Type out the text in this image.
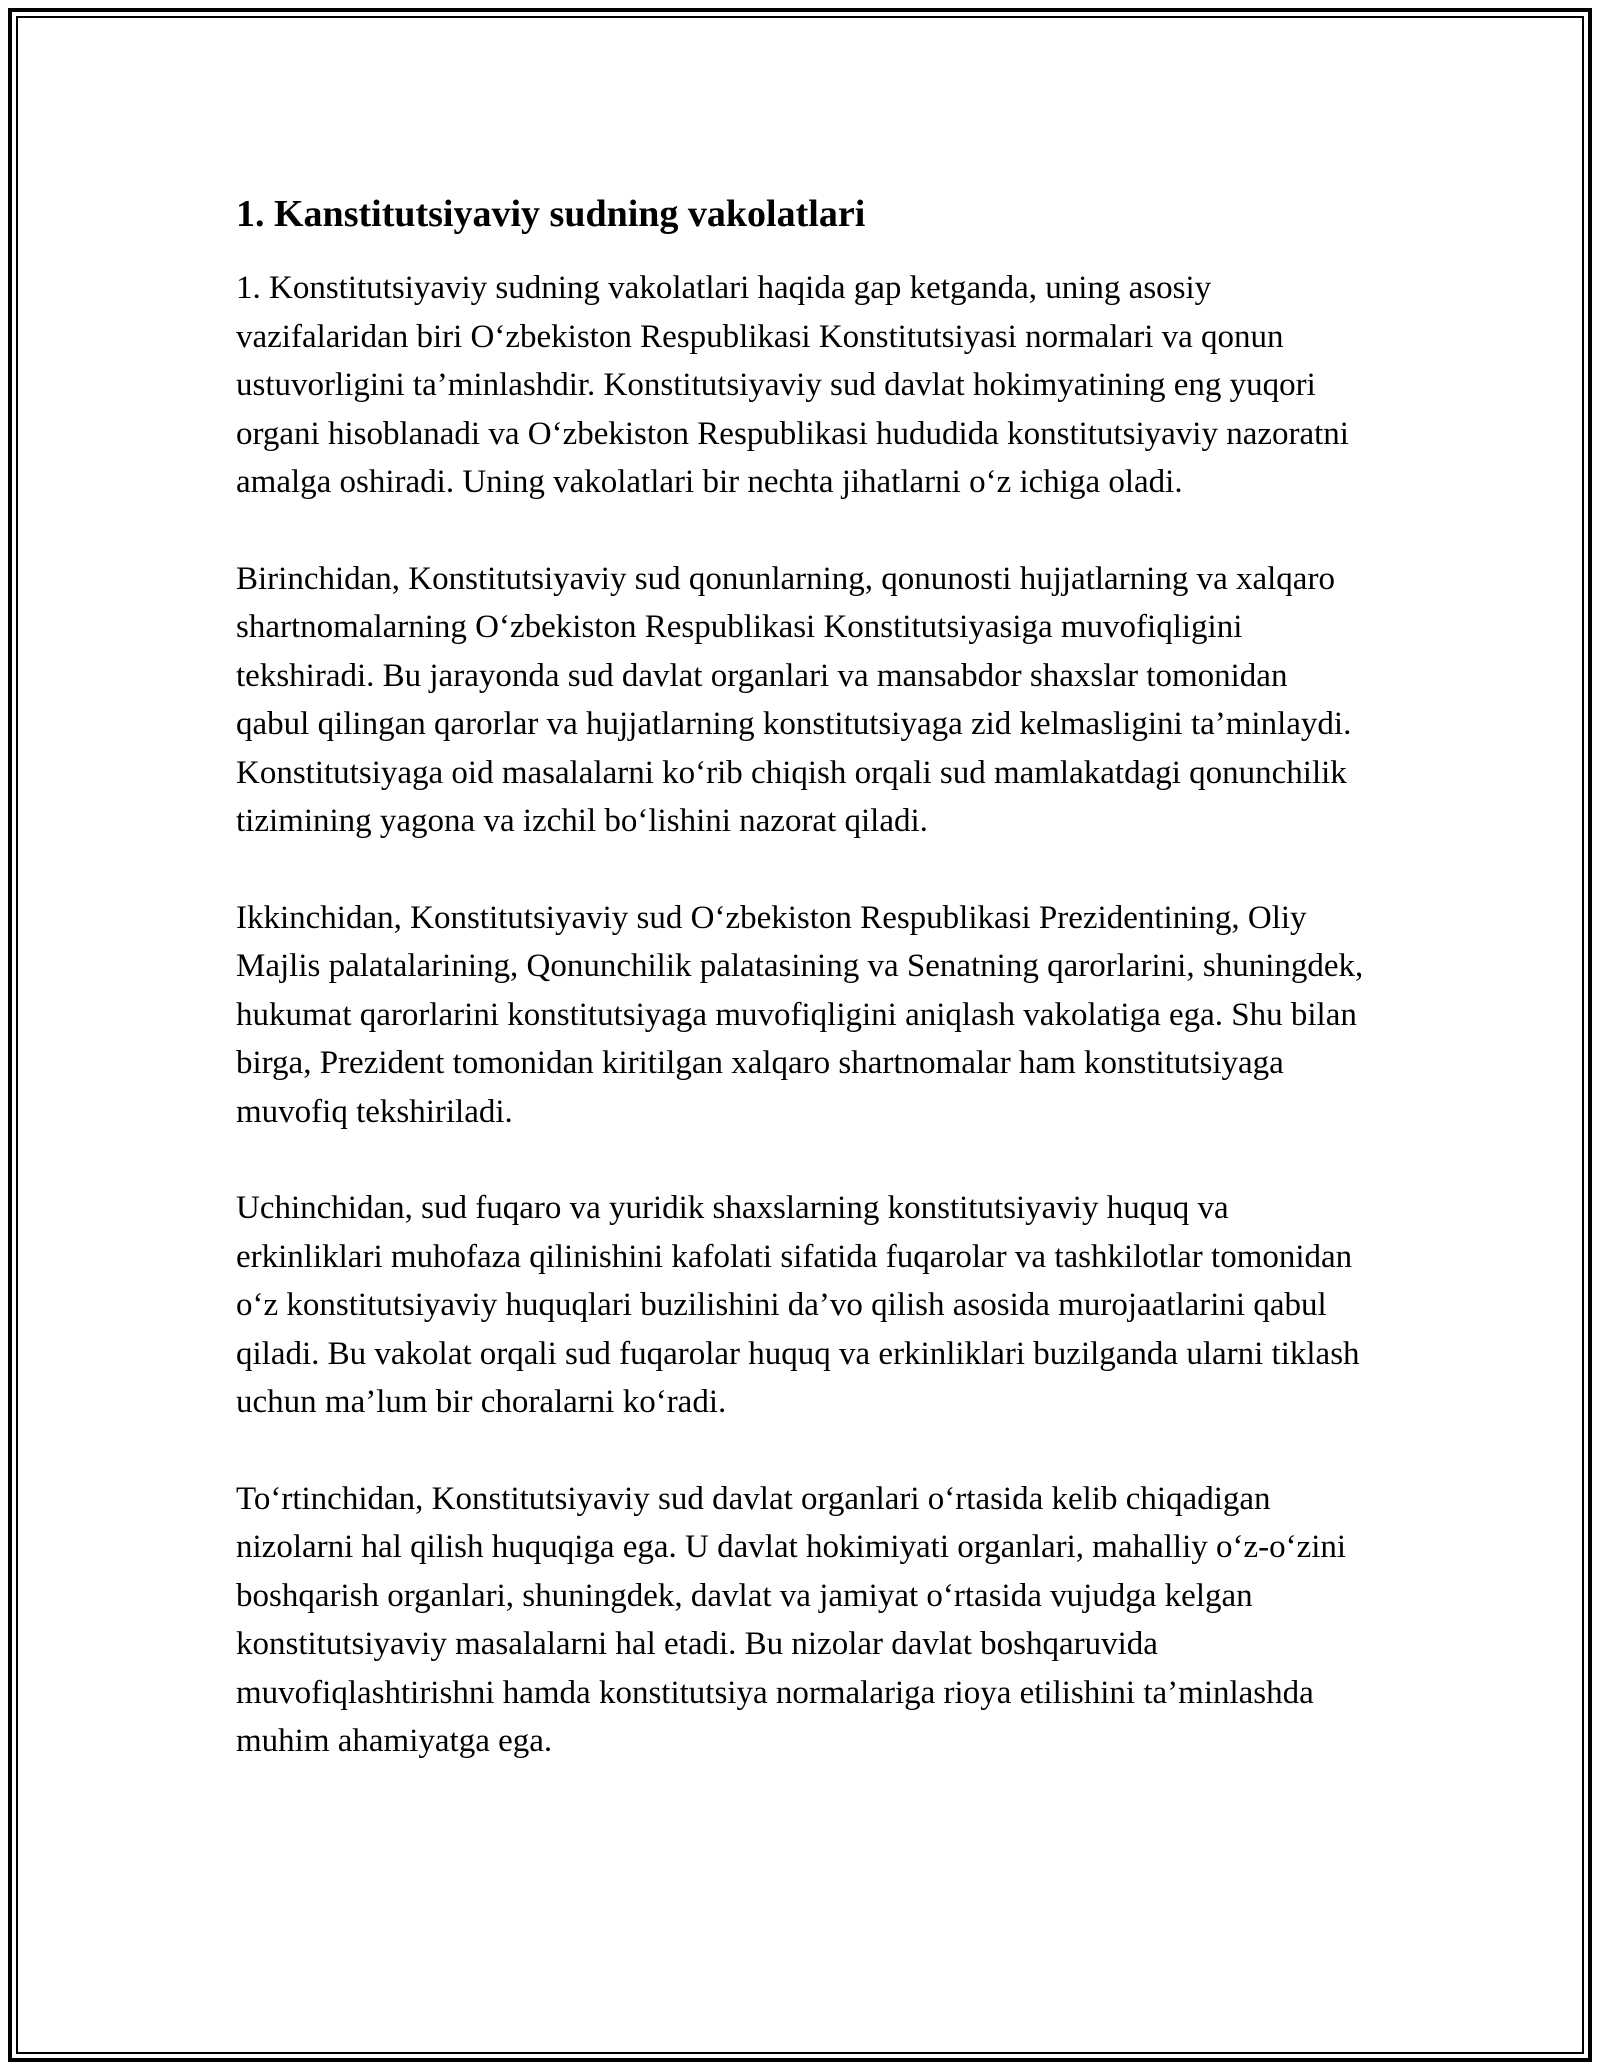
1. Kanstitutsiyaviy sudning vakolatlari

1. Konstitutsiyaviy sudning vakolatlari haqida gap ketganda, uning asosiy vazifalaridan biri O‘zbekiston Respublikasi Konstitutsiyasi normalari va qonun ustuvorligini ta’minlashdir. Konstitutsiyaviy sud davlat hokimyatining eng yuqori organi hisoblanadi va O‘zbekiston Respublikasi hududida konstitutsiyaviy nazoratni amalga oshiradi. Uning vakolatlari bir nechta jihatlarni o‘z ichiga oladi.

Birinchidan, Konstitutsiyaviy sud qonunlarning, qonunosti hujjatlarning va xalqaro shartnomalarning O‘zbekiston Respublikasi Konstitutsiyasiga muvofiqligini tekshiradi. Bu jarayonda sud davlat organlari va mansabdor shaxslar tomonidan qabul qilingan qarorlar va hujjatlarning konstitutsiyaga zid kelmasligini ta’minlaydi. Konstitutsiyaga oid masalalarni ko‘rib chiqish orqali sud mamlakatdagi qonunchilik tizimining yagona va izchil bo‘lishini nazorat qiladi.

Ikkinchidan, Konstitutsiyaviy sud O‘zbekiston Respublikasi Prezidentining, Oliy Majlis palatalarining, Qonunchilik palatasining va Senatning qarorlarini, shuningdek, hukumat qarorlarini konstitutsiyaga muvofiqligini aniqlash vakolatiga ega. Shu bilan birga, Prezident tomonidan kiritilgan xalqaro shartnomalar ham konstitutsiyaga muvofiq tekshiriladi.

Uchinchidan, sud fuqaro va yuridik shaxslarning konstitutsiyaviy huquq va erkinliklari muhofaza qilinishini kafolati sifatida fuqarolar va tashkilotlar tomonidan o‘z konstitutsiyaviy huquqlari buzilishini da’vo qilish asosida murojaatlarini qabul qiladi. Bu vakolat orqali sud fuqarolar huquq va erkinliklari buzilganda ularni tiklash uchun ma’lum bir choralarni ko‘radi.

To‘rtinchidan, Konstitutsiyaviy sud davlat organlari o‘rtasida kelib chiqadigan nizolarni hal qilish huquqiga ega. U davlat hokimiyati organlari, mahalliy o‘z-o‘zini boshqarish organlari, shuningdek, davlat va jamiyat o‘rtasida vujudga kelgan konstitutsiyaviy masalalarni hal etadi. Bu nizolar davlat boshqaruvida muvofiqlashtirishni hamda konstitutsiya normalariga rioya etilishini ta’minlashda muhim ahamiyatga ega.
